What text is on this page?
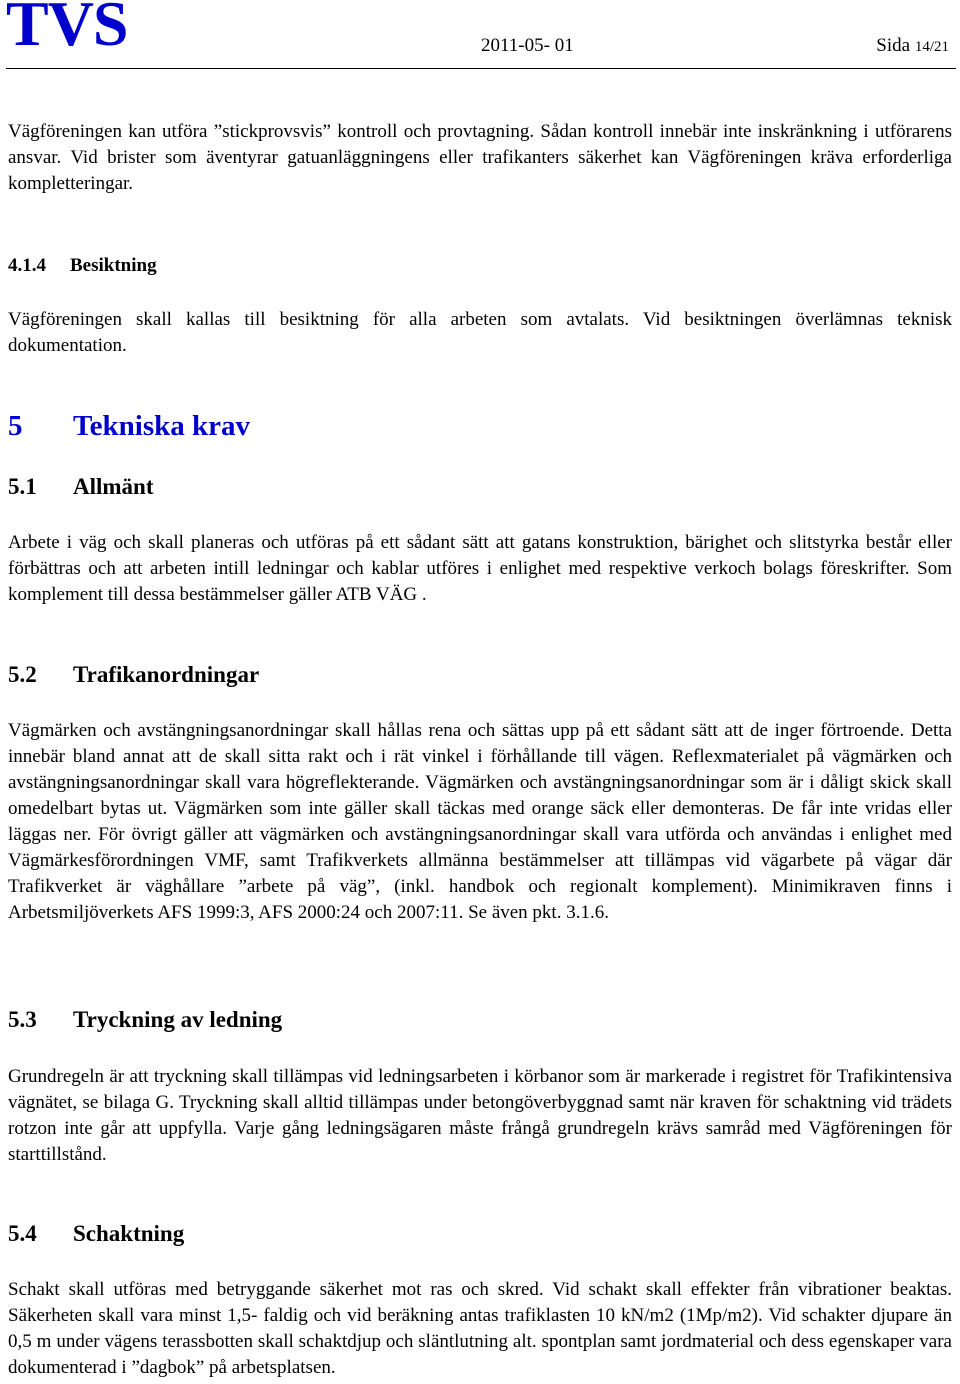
TVS	2011-05- 01	Sida 14/21

Vägföreningen kan utföra ”stickprovsvis” kontroll och provtagning. Sådan kontroll innebär inte inskränkning i utförarens ansvar. Vid brister som äventyrar gatuanläggningens eller trafikanters säkerhet kan Vägföreningen kräva erforderliga kompletteringar.

4.1.4 Besiktning

Vägföreningen skall kallas till besiktning för alla arbeten som avtalats. Vid besiktningen överlämnas teknisk dokumentation.

5 Tekniska krav
5.1 Allmänt

Arbete i väg och skall planeras och utföras på ett sådant sätt att gatans konstruktion, bärighet och slitstyrka består eller förbättras och att arbeten intill ledningar och kablar utföres i enlighet med respektive verkoch bolags föreskrifter. Som komplement till dessa bestämmelser gäller ATB VÄG .

5.2 Trafikanordningar

Vägmärken och avstängningsanordningar skall hållas rena och sättas upp på ett sådant sätt att de inger förtroende. Detta innebär bland annat att de skall sitta rakt och i rät vinkel i förhållande till vägen. Reflexmaterialet på vägmärken och avstängningsanordningar skall vara högreflekterande. Vägmärken och avstängningsanordningar som är i dåligt skick skall omedelbart bytas ut. Vägmärken som inte gäller skall täckas med orange säck eller demonteras. De får inte vridas eller läggas ner. För övrigt gäller att vägmärken och avstängningsanordningar skall vara utförda och användas i enlighet med Vägmärkesförordningen VMF, samt Trafikverkets allmänna bestämmelser att tillämpas vid vägarbete på vägar där Trafikverket är väghållare ”arbete på väg”, (inkl. handbok och regionalt komplement). Minimikraven finns i Arbetsmiljöverkets AFS 1999:3, AFS 2000:24 och 2007:11. Se även pkt. 3.1.6.

5.3 Tryckning av ledning

Grundregeln är att tryckning skall tillämpas vid ledningsarbeten i körbanor som är markerade i registret för Trafikintensiva vägnätet, se bilaga G. Tryckning skall alltid tillämpas under betongöverbyggnad samt när kraven för schaktning vid trädets rotzon inte går att uppfylla. Varje gång ledningsägaren måste frångå grundregeln krävs samråd med Vägföreningen för starttillstånd.

5.4 Schaktning

Schakt skall utföras med betryggande säkerhet mot ras och skred. Vid schakt skall effekter från vibrationer beaktas. Säkerheten skall vara minst 1,5- faldig och vid beräkning antas trafiklasten 10 kN/m2 (1Mp/m2). Vid schakter djupare än 0,5 m under vägens terassbotten skall schaktdjup och släntlutning alt. spontplan samt jordmaterial och dess egenskaper vara dokumenterad i ”dagbok” på arbetsplatsen.
